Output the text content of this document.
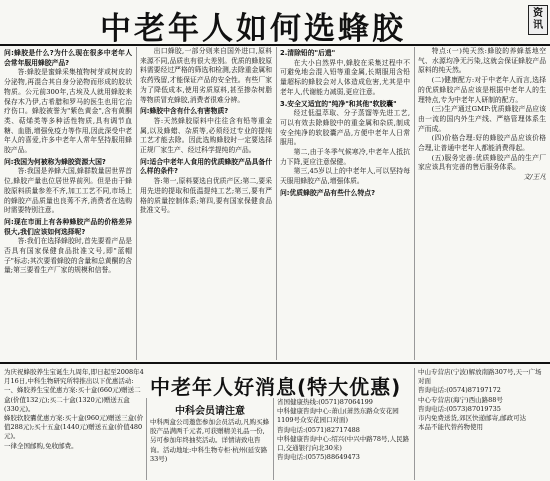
中老年人如何选蜂胶	资讯

问:蜂胶是什么?为什么现在很多中老年人会常年服用蜂胶产品?

答:蜂胶是蜜蜂采集植物树芽或树皮的分泌物,再混合其自身分泌物而形成的胶状物质。公元前300年,古埃及人就用蜂胶来保存木乃伊,古希腊和罗马的医生也用它治疗伤口。蜂胶被誉为"紫色黄金",含有黄酮类、萜烯类等多种活性物质,具有调节血糖、血脂,增强免疫力等作用,因此深受中老年人的喜爱,许多中老年人常年坚持服用蜂胶产品。

问:我国为何被称为蜂胶资源大国?

答:我国是养蜂大国,蜂群数量居世界首位,蜂胶产量也位居世界前列。但是由于蜂胶原料质量参差不齐,加工工艺不同,市场上的蜂胶产品质量也良莠不齐,消费者在选购时需要特别注意。

问:现在市面上有各种蜂胶产品的价格差异很大,我们应该如何选择呢?

答:我们在选择蜂胶时,首先要看产品是否具有国家保健食品批准文号,即"蓝帽子"标志;其次要看蜂胶的含量和总黄酮的含量;第三要看生产厂家的规模和信誉。

出口蜂胶,一部分则来自国外进口,原料来源不同,品质也有很大差别。优质的蜂胶原料需要经过严格的筛选和检测,去除重金属和农药残留,才能保证产品的安全性。有些厂家为了降低成本,使用劣质原料,甚至掺杂树脂等物质冒充蜂胶,消费者很难分辨。

问:蜂胶中含有什么有害物质?

答:天然蜂胶原料中往往含有铅等重金属,以及蜂蜡、杂质等,必须经过专业的提纯工艺才能去除。因此选购蜂胶时一定要选择正规厂家生产、经过科学提纯的产品。

问:适合中老年人食用的优质蜂胶产品具备什么样的条件?

答:第一,原料要选自优质产区;第二,要采用先进的提取和低温提纯工艺;第三,要有严格的质量控制体系;第四,要有国家保健食品批准文号。

2.清除铅的"后遗"

在大小自然界中,蜂胶在采集过程中不可避免地会混入铅等重金属,长期服用含铅量超标的蜂胶会对人体造成危害,尤其是中老年人,代谢能力减弱,更应注意。

3.安全又适宜的"纯净"和其他"软胶囊"

经过低温萃取、分子蒸馏等先进工艺,可以有效去除蜂胶中的重金属和杂质,制成安全纯净的软胶囊产品,方便中老年人日常服用。

第二,由于冬季气候寒冷,中老年人抵抗力下降,更应注意保健。

第三,45岁以上的中老年人,可以坚持每天服用蜂胶产品,增强体质。

问:优质蜂胶产品有些什么特点?

特点:(一)纯天然:蜂胶的养蜂基地空气、水源均净无污染,这就会保证蜂胶产品原料的纯天然。

(二)健康配方:对于中老年人而言,选择的优质蜂胶产品应该是根据中老年人的生理特点,专为中老年人研制的配方。

(三)生产通过GMP:优质蜂胶产品应该由一流的国内外生产线、严格管理体系生产而成。

(四)价格合理:好的蜂胶产品应该价格合理,让普通中老年人都能消费得起。

(五)服务完善:优质蜂胶产品的生产厂家应该具有完善的售后服务体系。

文/王凡

中老年人好消息(特大优惠)

为庆祝蜂胶养生宝诞生九周年,即日起至2008年4月16日,中科生物研究所特推出以下优惠活动:

一、蜂胶养生宝优惠方案:买十盒(660元)赠送二盒(价值132元);买二十盒(1320元)赠送五盒(330元)。

蜂胶软胶囊优惠方案:买十盒(960元)赠送三盒(价值288元);买十五盒(1440元)赠送五盒(价值480元)。

一律全国邮购,免收邮费。

中科会员请注意

中科两盒公司邀您参加会员活动,凡购买蜂胶产品满两千元者,可获赠精美礼品一份,另可参加年终抽奖活动。详情请致电咨询。活动地址:中科生物专柜·杭州(延安路33号)

省国健康热线:(0571)87064199

中科健康咨询中心:萧山(萧然东路众安花园1109号众安花园口对面)

咨询电话:(0571)82717488

中科健康咨询中心:绍兴(中兴中路78号,人民路口,交通银行向北30米)

咨询电话:(0575)88649473

中山专营店(宁波)解放南路307号,天一广场对面

咨询电话:(0574)87197172

中心专营店(海宁)西山路88号

咨询电话:(0573)87019735

市内免费送货,郊区快递邮寄,邮政可达

本品不能代替药物使用
